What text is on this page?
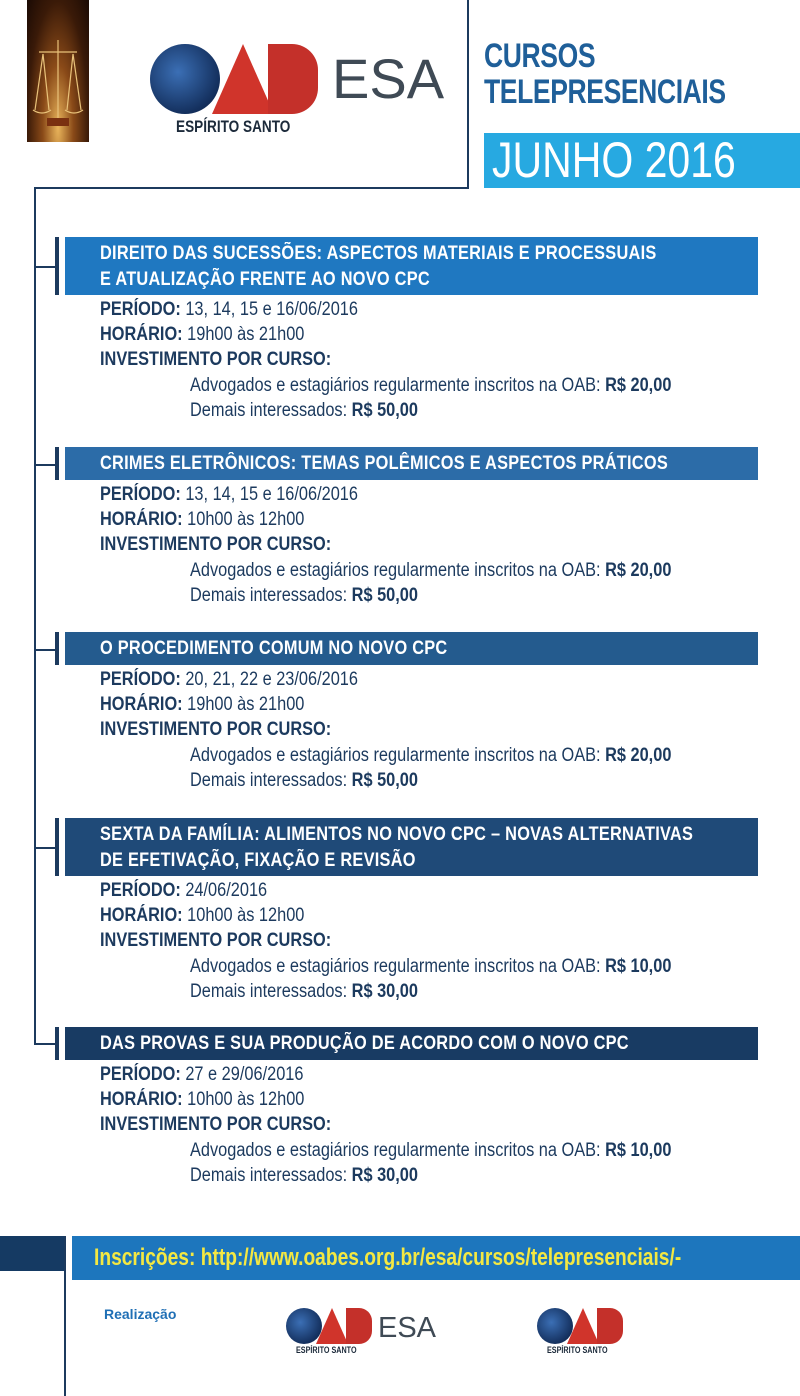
ESA
ESPÍRITO SANTO
CURSOS
TELEPRESENCIAIS
JUNHO 2016
DIREITO DAS SUCESSÕES: ASPECTOS MATERIAIS E PROCESSUAIS
E ATUALIZAÇÃO FRENTE AO NOVO CPC
PERÍODO: 13, 14, 15 e 16/06/2016
HORÁRIO: 19h00 às 21h00
INVESTIMENTO POR CURSO:
Advogados e estagiários regularmente inscritos na OAB: R$ 20,00
Demais interessados: R$ 50,00
CRIMES ELETRÔNICOS: TEMAS POLÊMICOS E ASPECTOS PRÁTICOS
PERÍODO: 13, 14, 15 e 16/06/2016
HORÁRIO: 10h00 às 12h00
INVESTIMENTO POR CURSO:
Advogados e estagiários regularmente inscritos na OAB: R$ 20,00
Demais interessados: R$ 50,00
O PROCEDIMENTO COMUM NO NOVO CPC
PERÍODO: 20, 21, 22 e 23/06/2016
HORÁRIO: 19h00 às 21h00
INVESTIMENTO POR CURSO:
Advogados e estagiários regularmente inscritos na OAB: R$ 20,00
Demais interessados: R$ 50,00
SEXTA DA FAMÍLIA: ALIMENTOS NO NOVO CPC – NOVAS ALTERNATIVAS
DE EFETIVAÇÃO, FIXAÇÃO E REVISÃO
PERÍODO: 24/06/2016
HORÁRIO: 10h00 às 12h00
INVESTIMENTO POR CURSO:
Advogados e estagiários regularmente inscritos na OAB: R$ 10,00
Demais interessados: R$ 30,00
DAS PROVAS E SUA PRODUÇÃO DE ACORDO COM O NOVO CPC
PERÍODO: 27 e 29/06/2016
HORÁRIO: 10h00 às 12h00
INVESTIMENTO POR CURSO:
Advogados e estagiários regularmente inscritos na OAB: R$ 10,00
Demais interessados: R$ 30,00
Inscrições: http://www.oabes.org.br/esa/cursos/telepresenciais/-
Realização	ESA
ESPÍRITO SANTO	ESPÍRITO SANTO
